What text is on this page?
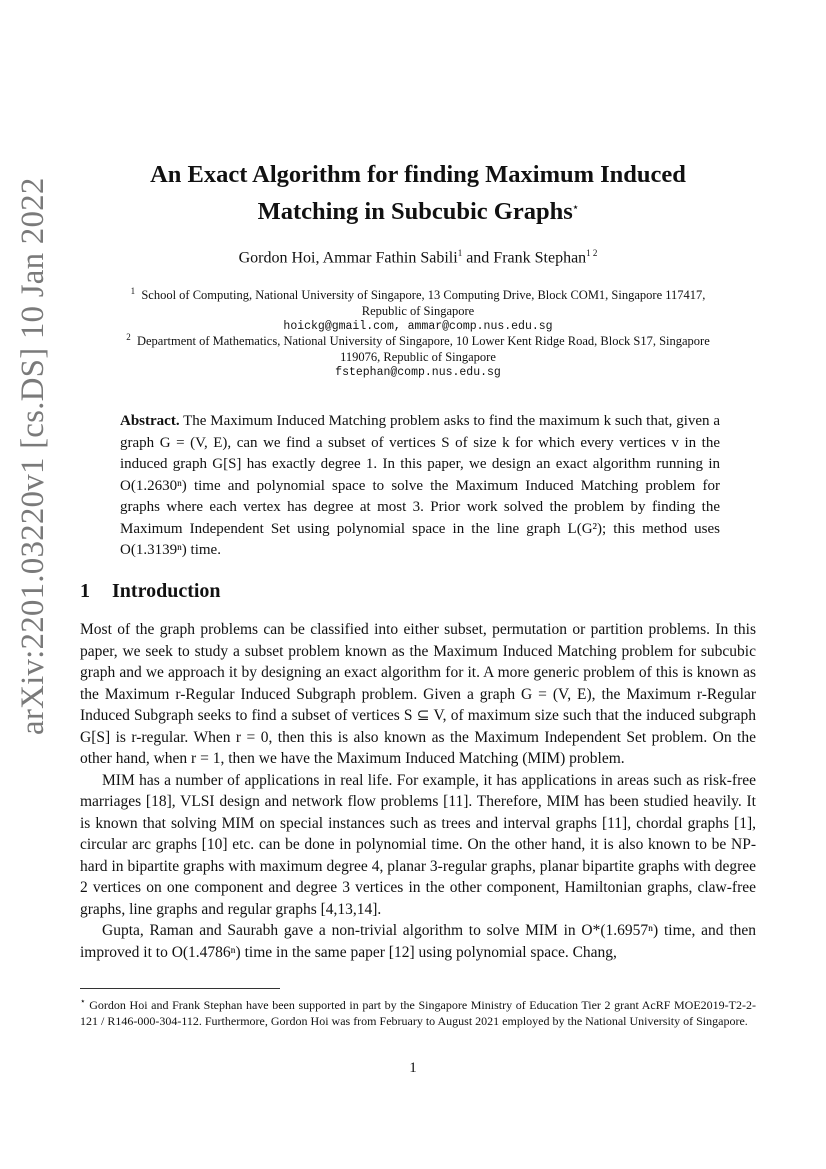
arXiv:2201.03220v1 [cs.DS] 10 Jan 2022
An Exact Algorithm for finding Maximum Induced
Matching in Subcubic Graphs⋆
Gordon Hoi, Ammar Fathin Sabili$^1$ and Frank Stephan$^{1 2}$
$^1$ School of Computing, National University of Singapore, 13 Computing Drive, Block COM1, Singapore 117417,
Republic of Singapore
hoickg@gmail.com, ammar@comp.nus.edu.sg
$^2$ Department of Mathematics, National University of Singapore, 10 Lower Kent Ridge Road, Block S17, Singapore
119076, Republic of Singapore
fstephan@comp.nus.edu.sg
Abstract. The Maximum Induced Matching problem asks to find the maximum k such that, given a graph G = (V, E), can we find a subset of vertices S of size k for which every vertices v in the induced graph G[S] has exactly degree 1. In this paper, we design an exact algorithm running in O(1.2630ⁿ) time and polynomial space to solve the Maximum Induced Matching problem for graphs where each vertex has degree at most 3. Prior work solved the problem by finding the Maximum Independent Set using polynomial space in the line graph L(G²); this method uses O(1.3139ⁿ) time.
1 Introduction

Most of the graph problems can be classified into either subset, permutation or partition problems. In this paper, we seek to study a subset problem known as the Maximum Induced Matching problem for subcubic graph and we approach it by designing an exact algorithm for it. A more generic problem of this is known as the Maximum r-Regular Induced Subgraph problem. Given a graph G = (V, E), the Maximum r-Regular Induced Subgraph seeks to find a subset of vertices S ⊆ V, of maximum size such that the induced subgraph G[S] is r-regular. When r = 0, then this is also known as the Maximum Independent Set problem. On the other hand, when r = 1, then we have the Maximum Induced Matching (MIM) problem.

MIM has a number of applications in real life. For example, it has applications in areas such as risk-free marriages [18], VLSI design and network flow problems [11]. Therefore, MIM has been studied heavily. It is known that solving MIM on special instances such as trees and interval graphs [11], chordal graphs [1], circular arc graphs [10] etc. can be done in polynomial time. On the other hand, it is also known to be NP-hard in bipartite graphs with maximum degree 4, planar 3-regular graphs, planar bipartite graphs with degree 2 vertices on one component and degree 3 vertices in the other component, Hamiltonian graphs, claw-free graphs, line graphs and regular graphs [4,13,14].

Gupta, Raman and Saurabh gave a non-trivial algorithm to solve MIM in O*(1.6957ⁿ) time, and then improved it to O(1.4786ⁿ) time in the same paper [12] using polynomial space. Chang,

⋆ Gordon Hoi and Frank Stephan have been supported in part by the Singapore Ministry of Education Tier 2 grant AcRF MOE2019-T2-2-121 / R146-000-304-112. Furthermore, Gordon Hoi was from February to August 2021 employed by the National University of Singapore.
1
